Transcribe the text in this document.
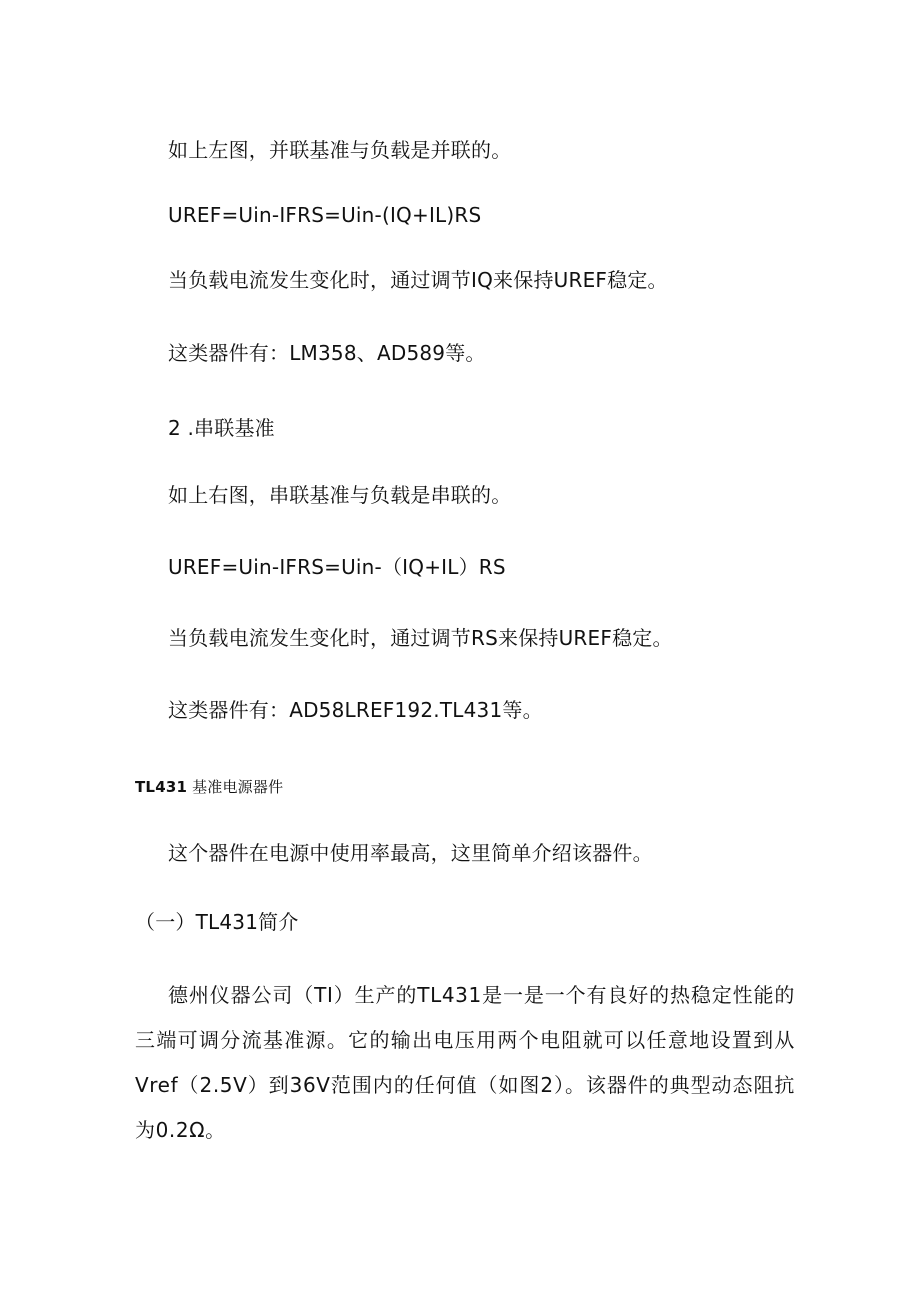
如上左图，并联基准与负载是并联的。
UREF=Uin-IFRS=Uin-(IQ+IL)RS
当负载电流发生变化时，通过调节IQ来保持UREF稳定。
这类器件有：LM358、AD589等。
2 .串联基准
如上右图，串联基准与负载是串联的。
UREF=Uin-IFRS=Uin-（IQ+IL）RS
当负载电流发生变化时，通过调节RS来保持UREF稳定。
这类器件有：AD58LREF192.TL431等。
TL431 基准电源器件
这个器件在电源中使用率最高，这里简单介绍该器件。
（一）TL431简介
德州仪器公司（TI）生产的TL431是一是一个有良好的热稳定性能的三端可调分流基准源。它的输出电压用两个电阻就可以任意地设置到从Vref（2.5V）到36V范围内的任何值（如图2）。该器件的典型动态阻抗为0.2Ω。
